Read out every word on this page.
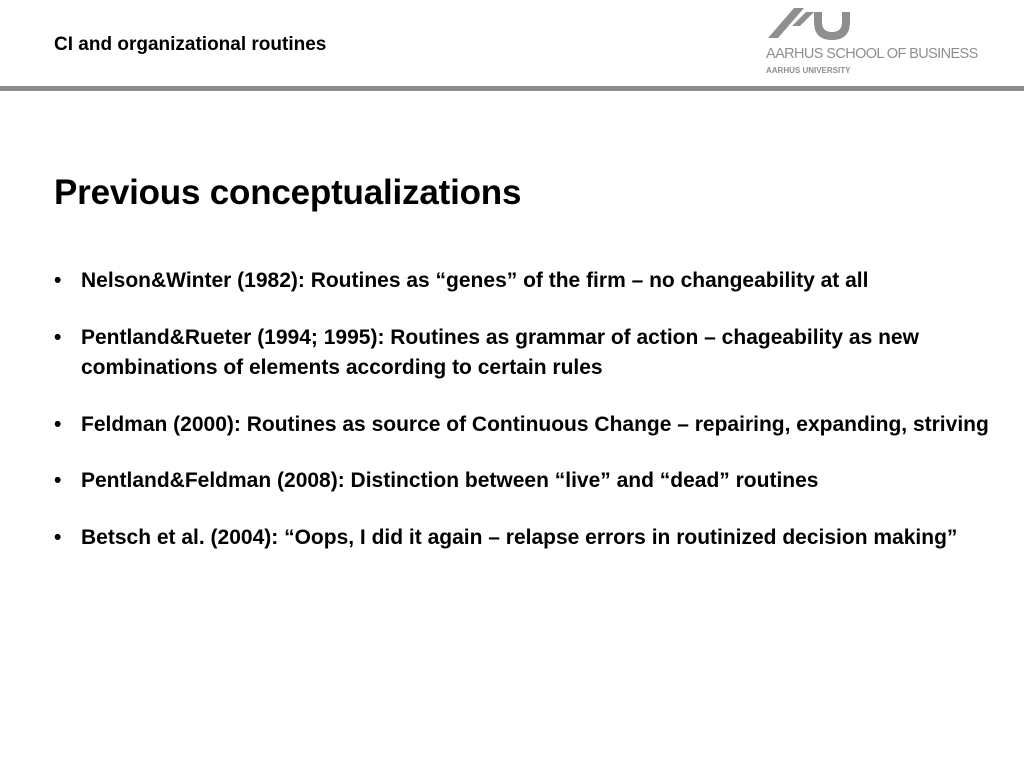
CI and organizational routines	AARHUS SCHOOL OF BUSINESS
AARHUS UNIVERSITY
Previous conceptualizations
• Nelson&Winter (1982): Routines as “genes” of the firm – no changeability at all
• Pentland&Rueter (1994; 1995): Routines as grammar of action – chageability as new combinations of elements according to certain rules
• Feldman (2000): Routines as source of Continuous Change – repairing, expanding, striving
• Pentland&Feldman (2008): Distinction between “live” and “dead” routines
• Betsch et al. (2004): “Oops, I did it again – relapse errors in routinized decision making”
